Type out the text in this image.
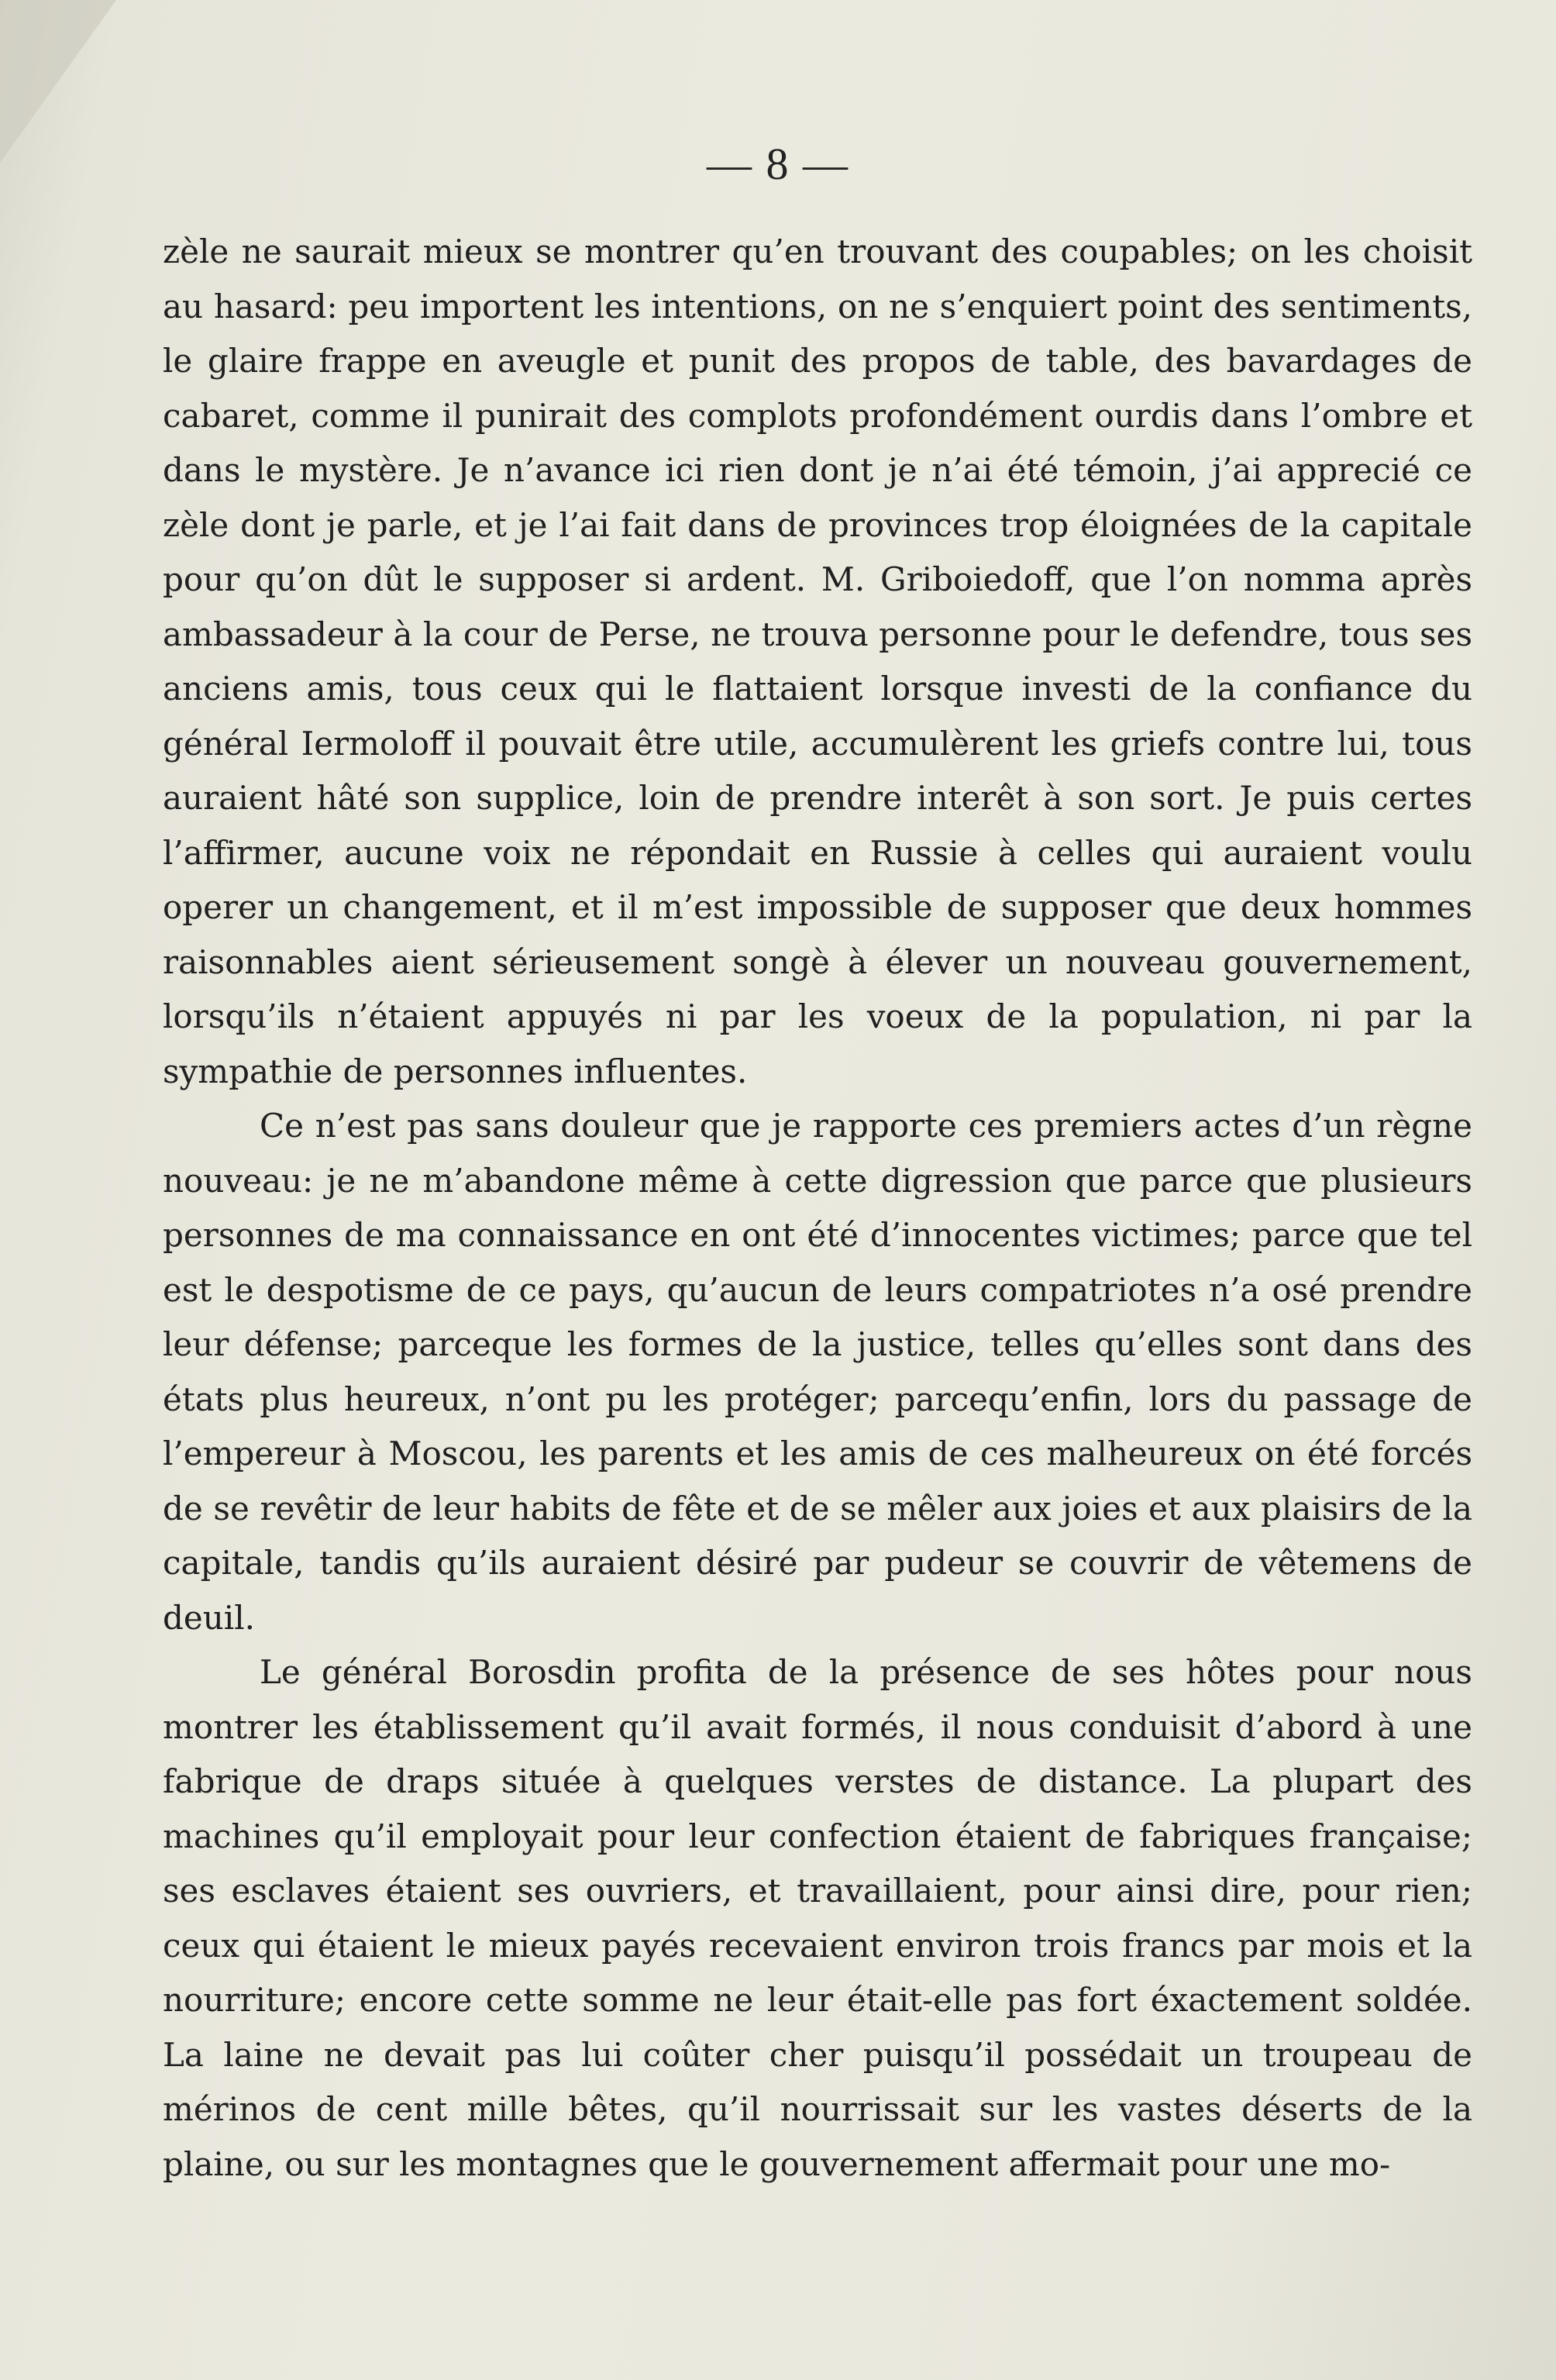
— 8 —

zèle ne saurait mieux se montrer qu’en trouvant des coupables; on les choisit au hasard: peu importent les intentions, on ne s’enquiert point des sentiments, le glaire frappe en aveugle et punit des propos de table, des bavardages de cabaret, comme il punirait des complots profondément ourdis dans l’ombre et dans le mystère. Je n’avance ici rien dont je n’ai été témoin, j’ai apprecié ce zèle dont je parle, et je l’ai fait dans de provinces trop éloignées de la capitale pour qu’on dût le supposer si ardent. M. Griboiedoff, que l’on nomma après ambassadeur à la cour de Perse, ne trouva personne pour le defendre, tous ses anciens amis, tous ceux qui le flattaient lorsque investi de la confiance du général Iermoloff il pouvait être utile, accumulèrent les griefs contre lui, tous auraient hâté son supplice, loin de prendre interêt à son sort. Je puis certes l’affirmer, aucune voix ne répondait en Russie à celles qui auraient voulu operer un changement, et il m’est impossible de supposer que deux hommes raisonnables aient sérieusement songè à élever un nouveau gouvernement, lorsqu’ils n’étaient appuyés ni par les voeux de la population, ni par la sympathie de personnes influentes.

Ce n’est pas sans douleur que je rapporte ces premiers actes d’un règne nouveau: je ne m’abandone même à cette digression que parce que plusieurs personnes de ma connaissance en ont été d’innocentes victimes; parce que tel est le despotisme de ce pays, qu’aucun de leurs compatriotes n’a osé prendre leur défense; parceque les formes de la justice, telles qu’elles sont dans des états plus heureux, n’ont pu les protéger; parcequ’enfin, lors du passage de l’empereur à Moscou, les parents et les amis de ces malheureux on été forcés de se revêtir de leur habits de fête et de se mêler aux joies et aux plaisirs de la capitale, tandis qu’ils auraient désiré par pudeur se couvrir de vêtemens de deuil.

Le général Borosdin profita de la présence de ses hôtes pour nous montrer les établissement qu’il avait formés, il nous conduisit d’abord à une fabrique de draps située à quelques verstes de distance. La plupart des machines qu’il employait pour leur confection étaient de fabriques française; ses esclaves étaient ses ouvriers, et travaillaient, pour ainsi dire, pour rien; ceux qui étaient le mieux payés recevaient environ trois francs par mois et la nourriture; encore cette somme ne leur était-elle pas fort éxactement soldée. La laine ne devait pas lui coûter cher puisqu’il possédait un troupeau de mérinos de cent mille bêtes, qu’il nourrissait sur les vastes déserts de la plaine, ou sur les montagnes que le gouvernement affermait pour une mo-
